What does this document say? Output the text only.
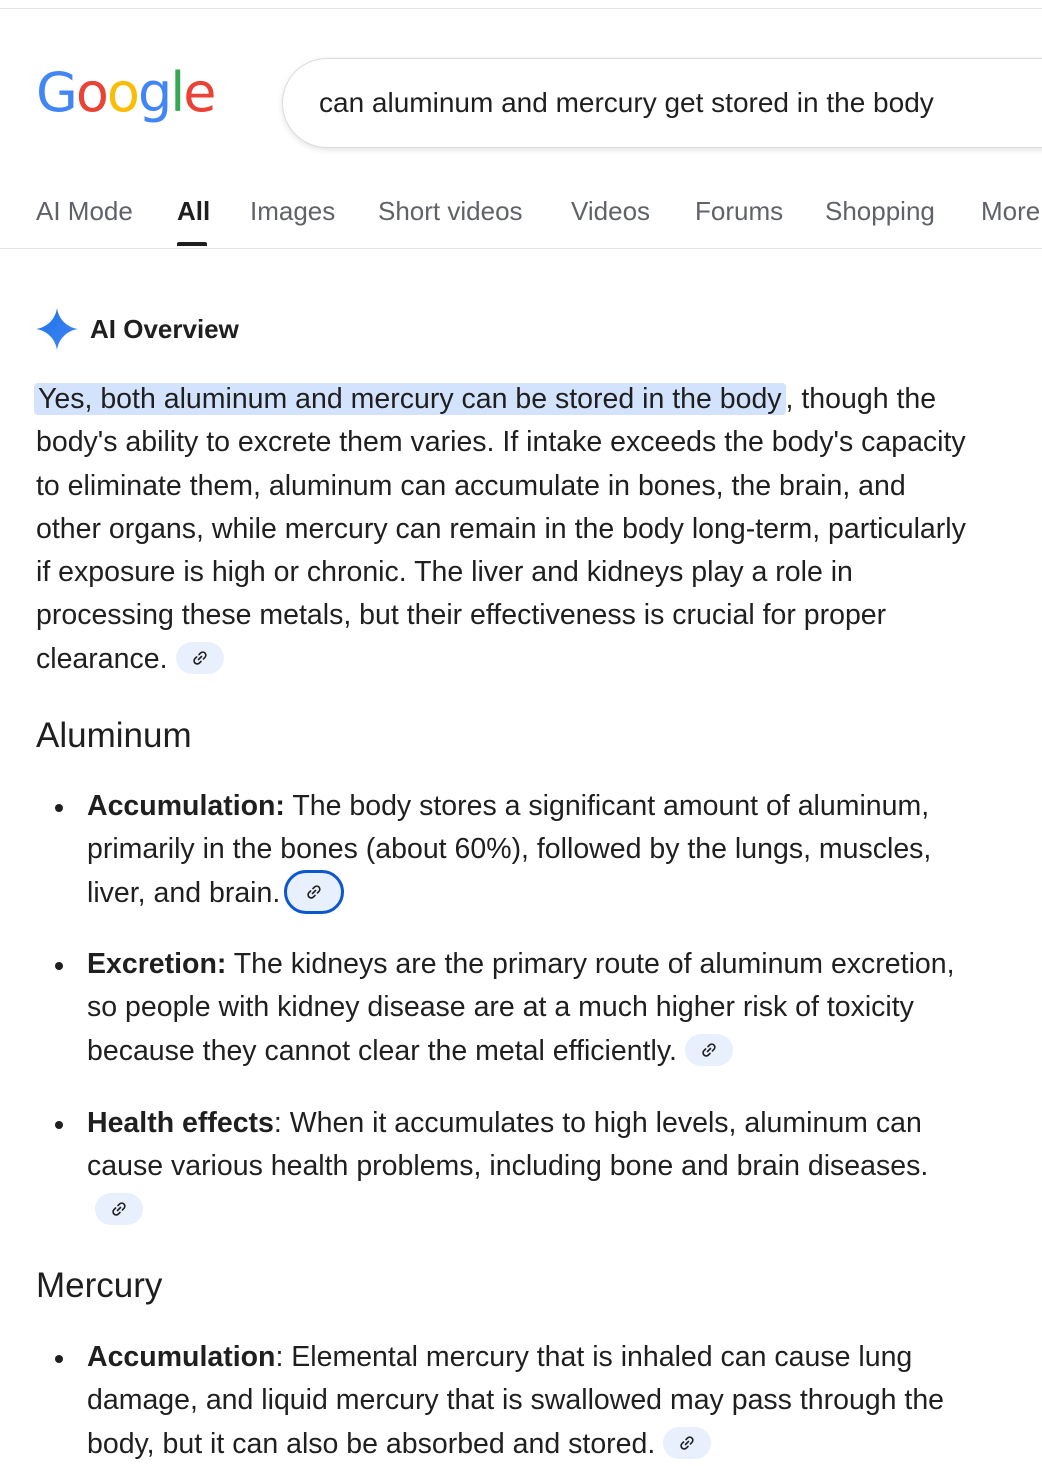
Google
can aluminum and mercury get stored in the body
AI Mode All Images Short videos Videos Forums Shopping More
AI Overview

Yes, both aluminum and mercury can be stored in the body , though the body's ability to excrete them varies. If intake exceeds the body's capacity to eliminate them, aluminum can accumulate in bones, the brain, and other organs, while mercury can remain in the body long-term, particularly if exposure is high or chronic. The liver and kidneys play a role in processing these metals, but their effectiveness is crucial for proper clearance.

Aluminum
Accumulation: The body stores a significant amount of aluminum, primarily in the bones (about 60%), followed by the lungs, muscles, liver, and brain.
Excretion: The kidneys are the primary route of aluminum excretion, so people with kidney disease are at a much higher risk of toxicity because they cannot clear the metal efficiently.
Health effects: When it accumulates to high levels, aluminum can cause various health problems, including bone and brain diseases.
Mercury
Accumulation: Elemental mercury that is inhaled can cause lung damage, and liquid mercury that is swallowed may pass through the body, but it can also be absorbed and stored.
